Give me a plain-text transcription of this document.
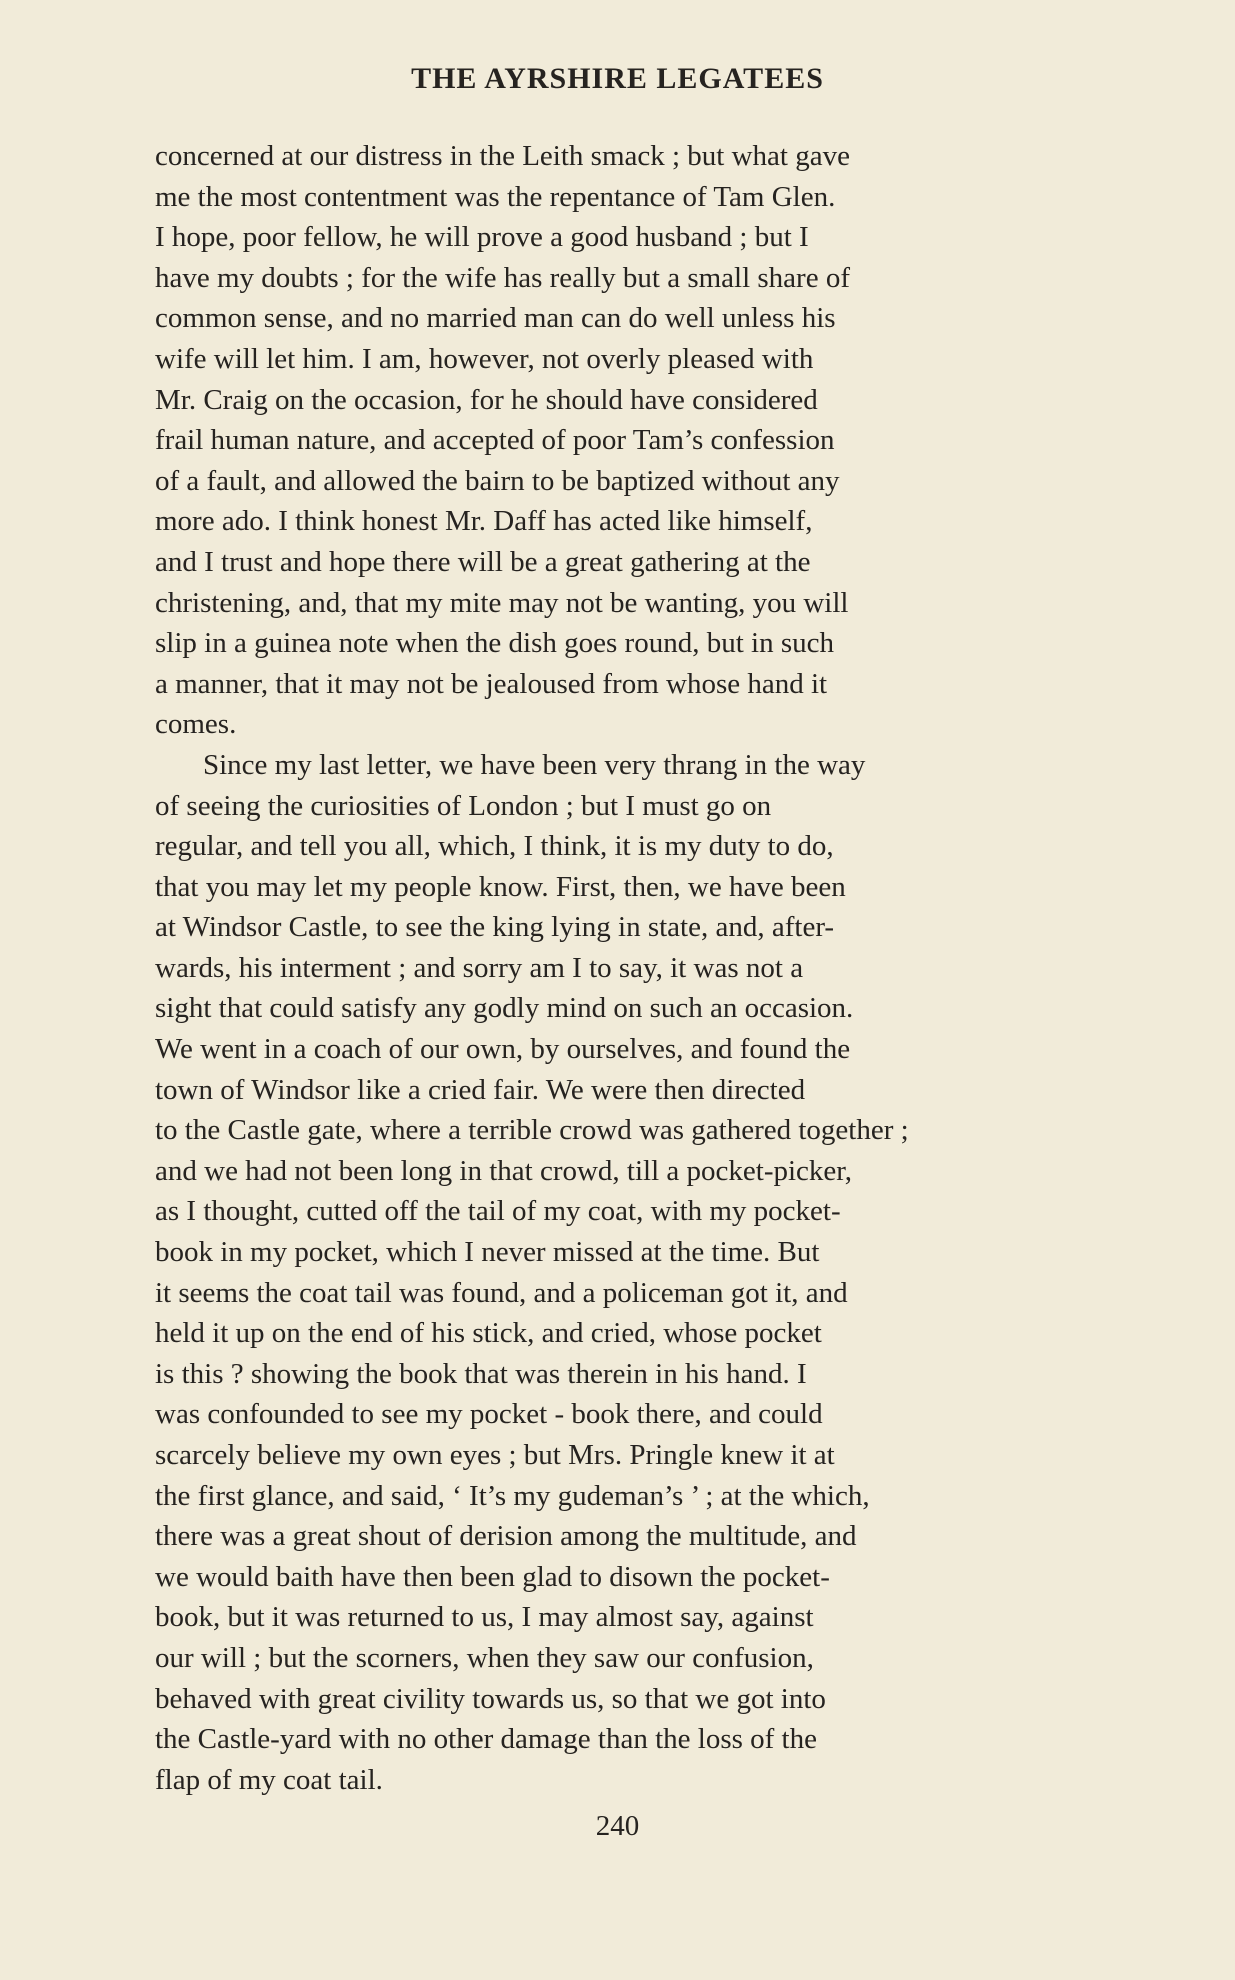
THE AYRSHIRE LEGATEES

concerned at our distress in the Leith smack ; but what gave
me the most contentment was the repentance of Tam Glen.
I hope, poor fellow, he will prove a good husband ; but I
have my doubts ; for the wife has really but a small share of
common sense, and no married man can do well unless his
wife will let him. I am, however, not overly pleased with
Mr. Craig on the occasion, for he should have considered
frail human nature, and accepted of poor Tam’s confession
of a fault, and allowed the bairn to be baptized without any
more ado. I think honest Mr. Daff has acted like himself,
and I trust and hope there will be a great gathering at the
christening, and, that my mite may not be wanting, you will
slip in a guinea note when the dish goes round, but in such
a manner, that it may not be jealoused from whose hand it
comes.

Since my last letter, we have been very thrang in the way
of seeing the curiosities of London ; but I must go on
regular, and tell you all, which, I think, it is my duty to do,
that you may let my people know. First, then, we have been
at Windsor Castle, to see the king lying in state, and, after-
wards, his interment ; and sorry am I to say, it was not a
sight that could satisfy any godly mind on such an occasion.
We went in a coach of our own, by ourselves, and found the
town of Windsor like a cried fair. We were then directed
to the Castle gate, where a terrible crowd was gathered together ;
and we had not been long in that crowd, till a pocket-picker,
as I thought, cutted off the tail of my coat, with my pocket-
book in my pocket, which I never missed at the time. But
it seems the coat tail was found, and a policeman got it, and
held it up on the end of his stick, and cried, whose pocket
is this ? showing the book that was therein in his hand. I
was confounded to see my pocket - book there, and could
scarcely believe my own eyes ; but Mrs. Pringle knew it at
the first glance, and said, ‘ It’s my gudeman’s ’ ; at the which,
there was a great shout of derision among the multitude, and
we would baith have then been glad to disown the pocket-
book, but it was returned to us, I may almost say, against
our will ; but the scorners, when they saw our confusion,
behaved with great civility towards us, so that we got into
the Castle-yard with no other damage than the loss of the
flap of my coat tail.

240
